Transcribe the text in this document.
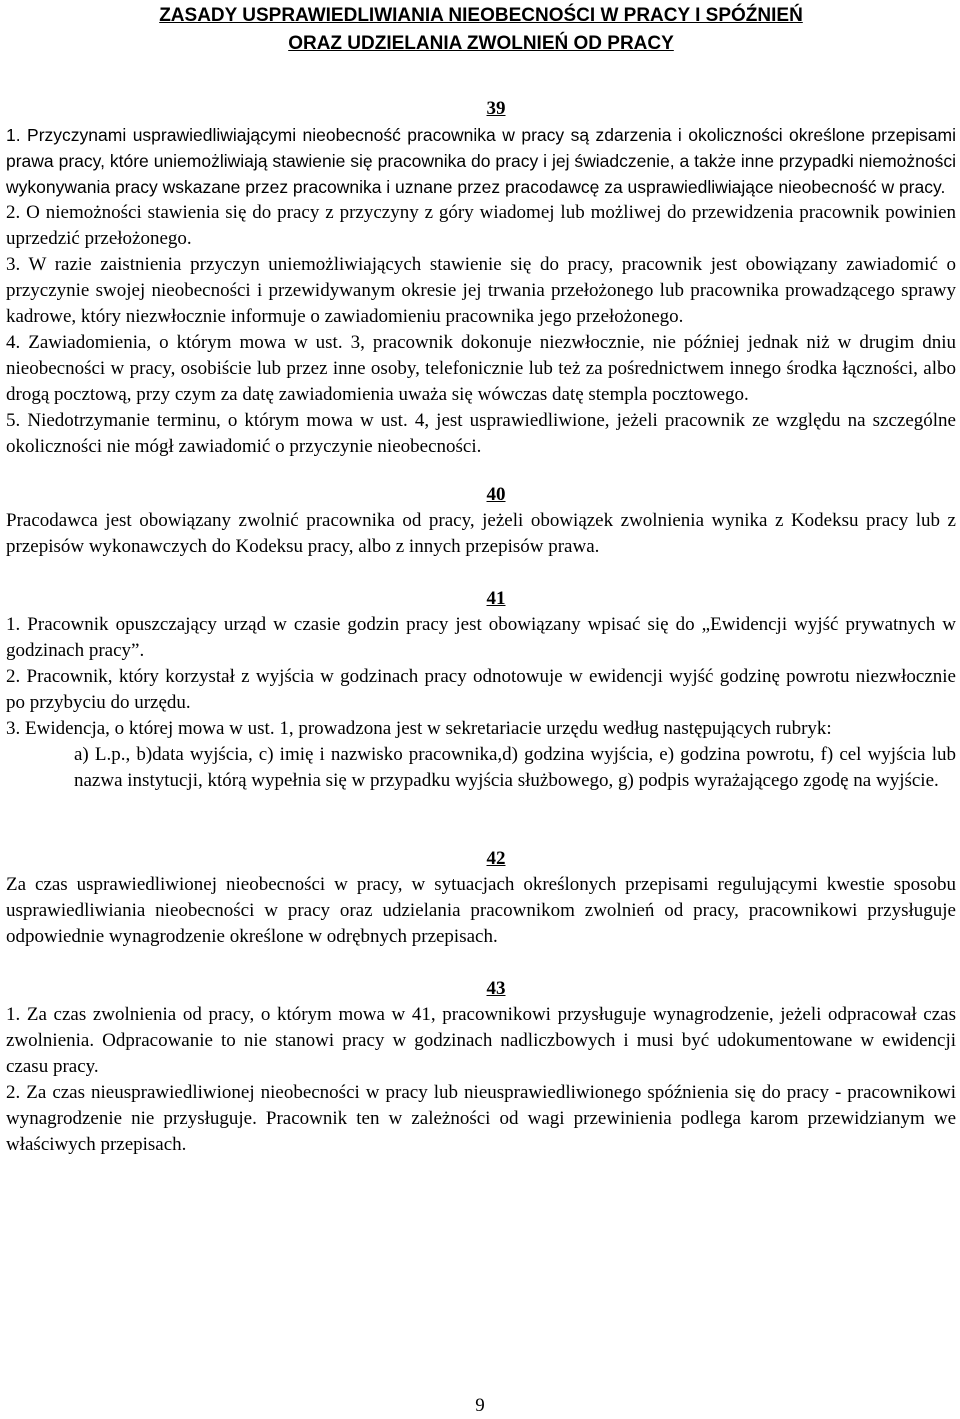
ZASADY USPRAWIEDLIWIANIA NIEOBECNOŚCI W PRACY I SPÓŹNIEŃ
ORAZ UDZIELANIA ZWOLNIEŃ OD PRACY
39

1. Przyczynami usprawiedliwiającymi nieobecność pracownika w pracy są zdarzenia i okoliczności określone przepisami prawa pracy, które uniemożliwiają stawienie się pracownika do pracy i jej świadczenie, a także inne przypadki niemożności wykonywania pracy wskazane przez pracownika i uznane przez pracodawcę za usprawiedliwiające nieobecność w pracy.

2. O niemożności stawienia się do pracy z przyczyny z góry wiadomej lub możliwej do przewidzenia pracownik powinien uprzedzić przełożonego.

3. W razie zaistnienia przyczyn uniemożliwiających stawienie się do pracy, pracownik jest obowiązany zawiadomić o przyczynie swojej nieobecności i przewidywanym okresie jej trwania przełożonego lub pracownika prowadzącego sprawy kadrowe, który niezwłocznie informuje o zawiadomieniu pracownika jego przełożonego.

4. Zawiadomienia, o którym mowa w ust. 3, pracownik dokonuje niezwłocznie, nie później jednak niż w drugim dniu nieobecności w pracy, osobiście lub przez inne osoby, telefonicznie lub też za pośrednictwem innego środka łączności, albo drogą pocztową, przy czym za datę zawiadomienia uważa się wówczas datę stempla pocztowego.

5. Niedotrzymanie terminu, o którym mowa w ust. 4, jest usprawiedliwione, jeżeli pracownik ze względu na szczególne okoliczności nie mógł zawiadomić o przyczynie nieobecności.

40

Pracodawca jest obowiązany zwolnić pracownika od pracy, jeżeli obowiązek zwolnienia wynika z Kodeksu pracy lub z przepisów wykonawczych do Kodeksu pracy, albo z innych przepisów prawa.

41

1. Pracownik opuszczający urząd w czasie godzin pracy jest obowiązany wpisać się do „Ewidencji wyjść prywatnych w godzinach pracy”.

2. Pracownik, który korzystał z wyjścia w godzinach pracy odnotowuje w ewidencji wyjść godzinę powrotu niezwłocznie po przybyciu do urzędu.

3. Ewidencja, o której mowa w ust. 1, prowadzona jest w sekretariacie urzędu według następujących rubryk:

a) L.p., b)data wyjścia, c) imię i nazwisko pracownika,d) godzina wyjścia, e) godzina powrotu, f) cel wyjścia lub nazwa instytucji, którą wypełnia się w przypadku wyjścia służbowego, g) podpis wyrażającego zgodę na wyjście.

42

Za czas usprawiedliwionej nieobecności w pracy, w sytuacjach określonych przepisami regulującymi kwestie sposobu usprawiedliwiania nieobecności w pracy oraz udzielania pracownikom zwolnień od pracy, pracownikowi przysługuje odpowiednie wynagrodzenie określone w odrębnych przepisach.

43

1. Za czas zwolnienia od pracy, o którym mowa w 41, pracownikowi przysługuje wynagrodzenie, jeżeli odpracował czas zwolnienia. Odpracowanie to nie stanowi pracy w godzinach nadliczbowych i musi być udokumentowane w ewidencji czasu pracy.

2. Za czas nieusprawiedliwionej nieobecności w pracy lub nieusprawiedliwionego spóźnienia się do pracy - pracownikowi wynagrodzenie nie przysługuje. Pracownik ten w zależności od wagi przewinienia podlega karom przewidzianym we właściwych przepisach.

9
